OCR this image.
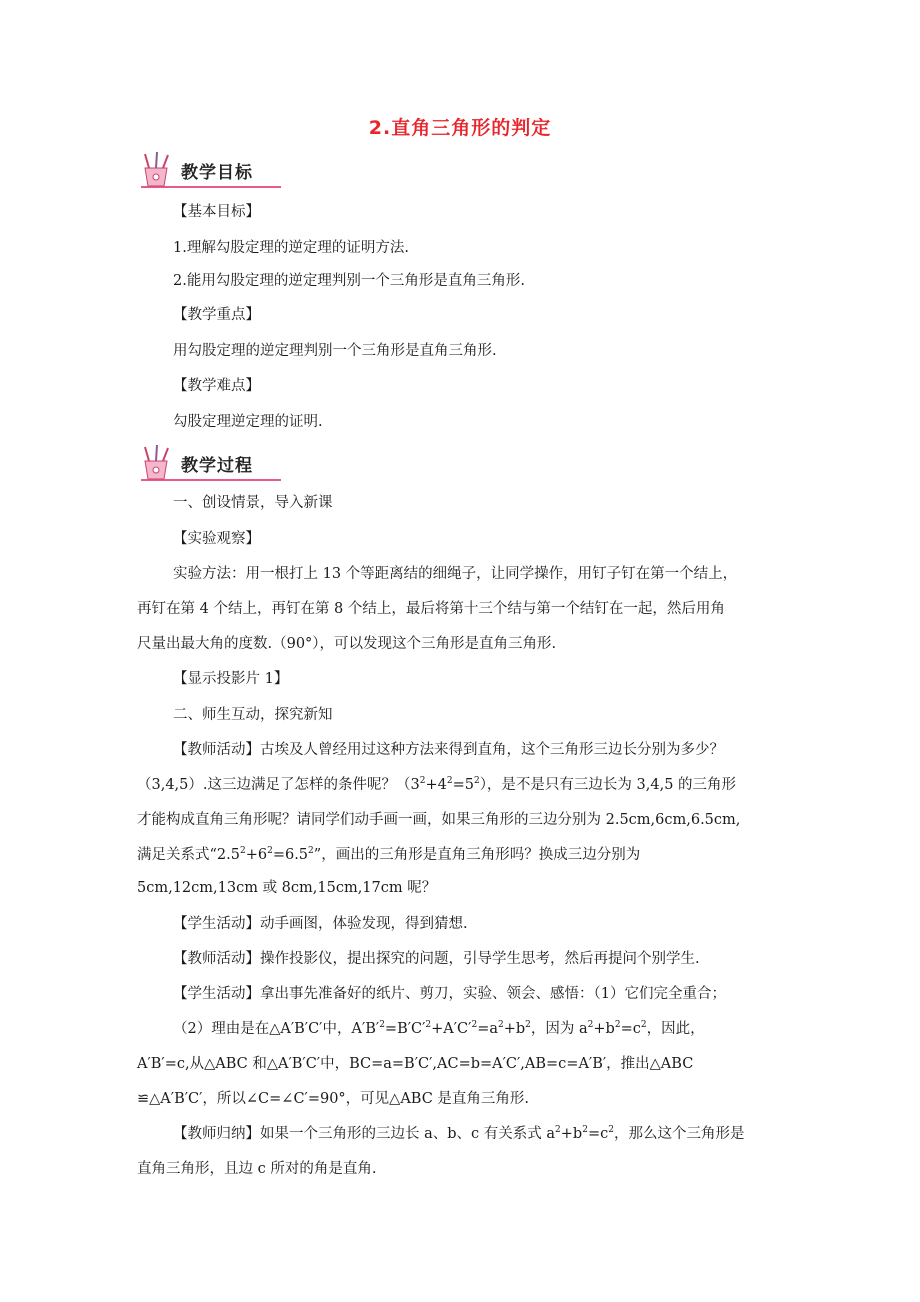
2.直角三角形的判定
教学目标
【基本目标】
1.理解勾股定理的逆定理的证明方法.
2.能用勾股定理的逆定理判别一个三角形是直角三角形.
【教学重点】
用勾股定理的逆定理判别一个三角形是直角三角形.
【教学难点】
勾股定理逆定理的证明.
教学过程
一、创设情景，导入新课
【实验观察】
实验方法：用一根打上 13 个等距离结的细绳子，让同学操作，用钉子钉在第一个结上，
再钉在第 4 个结上，再钉在第 8 个结上，最后将第十三个结与第一个结钉在一起，然后用角
尺量出最大角的度数.（90°），可以发现这个三角形是直角三角形.
【显示投影片 1】
二、师生互动，探究新知
【教师活动】古埃及人曾经用过这种方法来得到直角，这个三角形三边长分别为多少？
（3,4,5）.这三边满足了怎样的条件呢？$(3^2+4^2=5^2)$，是不是只有三边长为 3,4,5 的三角形
才能构成直角三角形呢？请同学们动手画一画，如果三角形的三边分别为 2.5cm,6cm,6.5cm,
满足关系式“$2.5^2+6^2=6.5^2$”，画出的三角形是直角三角形吗？换成三边分别为
5cm,12cm,13cm 或 8cm,15cm,17cm 呢？
【学生活动】动手画图，体验发现，得到猜想.
【教师活动】操作投影仪，提出探究的问题，引导学生思考，然后再提问个别学生.
【学生活动】拿出事先准备好的纸片、剪刀，实验、领会、感悟：（1）它们完全重合；
（2）理由是在△A′B′C′中，$A'B'^2=B'C'^2+A'C'^2=a^2+b^2$，因为 $a^2+b^2=c^2$，因此，
A′B′=c,从△ABC 和△A′B′C′中，BC=a=B′C′,AC=b=A′C′,AB=c=A′B′，推出△ABC
≌△A′B′C′，所以∠C=∠C′=90°，可见△ABC 是直角三角形.
【教师归纳】如果一个三角形的三边长 a、b、c 有关系式 $a^2+b^2=c^2$，那么这个三角形是
直角三角形，且边 c 所对的角是直角.
